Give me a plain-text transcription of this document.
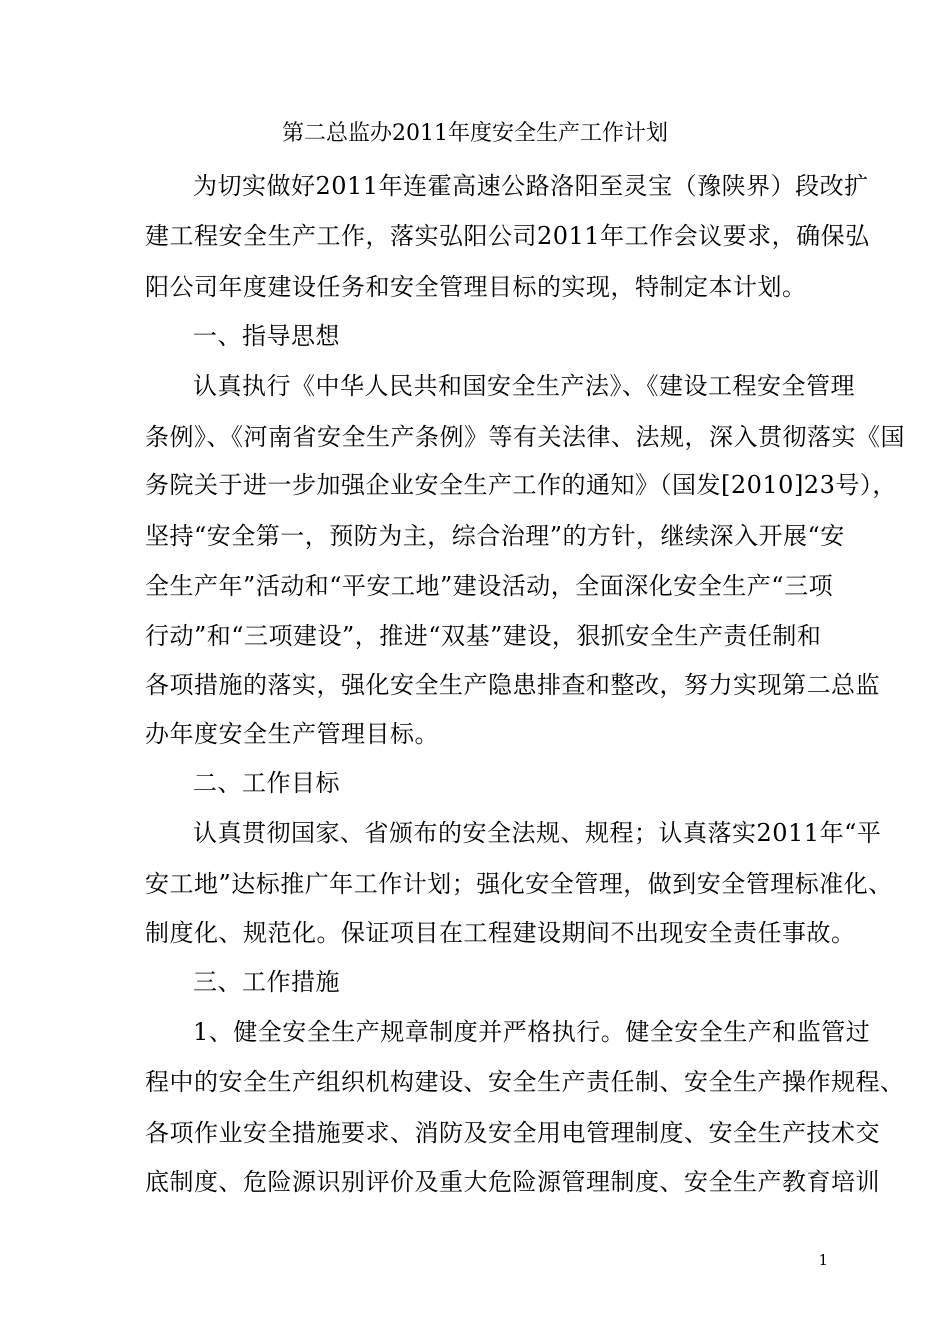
第二总监办2011年度安全生产工作计划
为切实做好2011年连霍高速公路洛阳至灵宝（豫陕界）段改扩
建工程安全生产工作，落实弘阳公司2011年工作会议要求，确保弘
阳公司年度建设任务和安全管理目标的实现，特制定本计划。
一、指导思想
认真执行《中华人民共和国安全生产法》、《建设工程安全管理
条例》、《河南省安全生产条例》等有关法律、法规，深入贯彻落实《国
务院关于进一步加强企业安全生产工作的通知》（国发[2010]23号），
坚持“安全第一，预防为主，综合治理”的方针，继续深入开展“安
全生产年”活动和“平安工地”建设活动，全面深化安全生产“三项
行动”和“三项建设”，推进“双基”建设，狠抓安全生产责任制和
各项措施的落实，强化安全生产隐患排查和整改，努力实现第二总监
办年度安全生产管理目标。
二、工作目标
认真贯彻国家、省颁布的安全法规、规程；认真落实2011年“平
安工地”达标推广年工作计划；强化安全管理，做到安全管理标准化、
制度化、规范化。保证项目在工程建设期间不出现安全责任事故。
三、工作措施
1、健全安全生产规章制度并严格执行。健全安全生产和监管过
程中的安全生产组织机构建设、安全生产责任制、安全生产操作规程、
各项作业安全措施要求、消防及安全用电管理制度、安全生产技术交
底制度、危险源识别评价及重大危险源管理制度、安全生产教育培训
1
